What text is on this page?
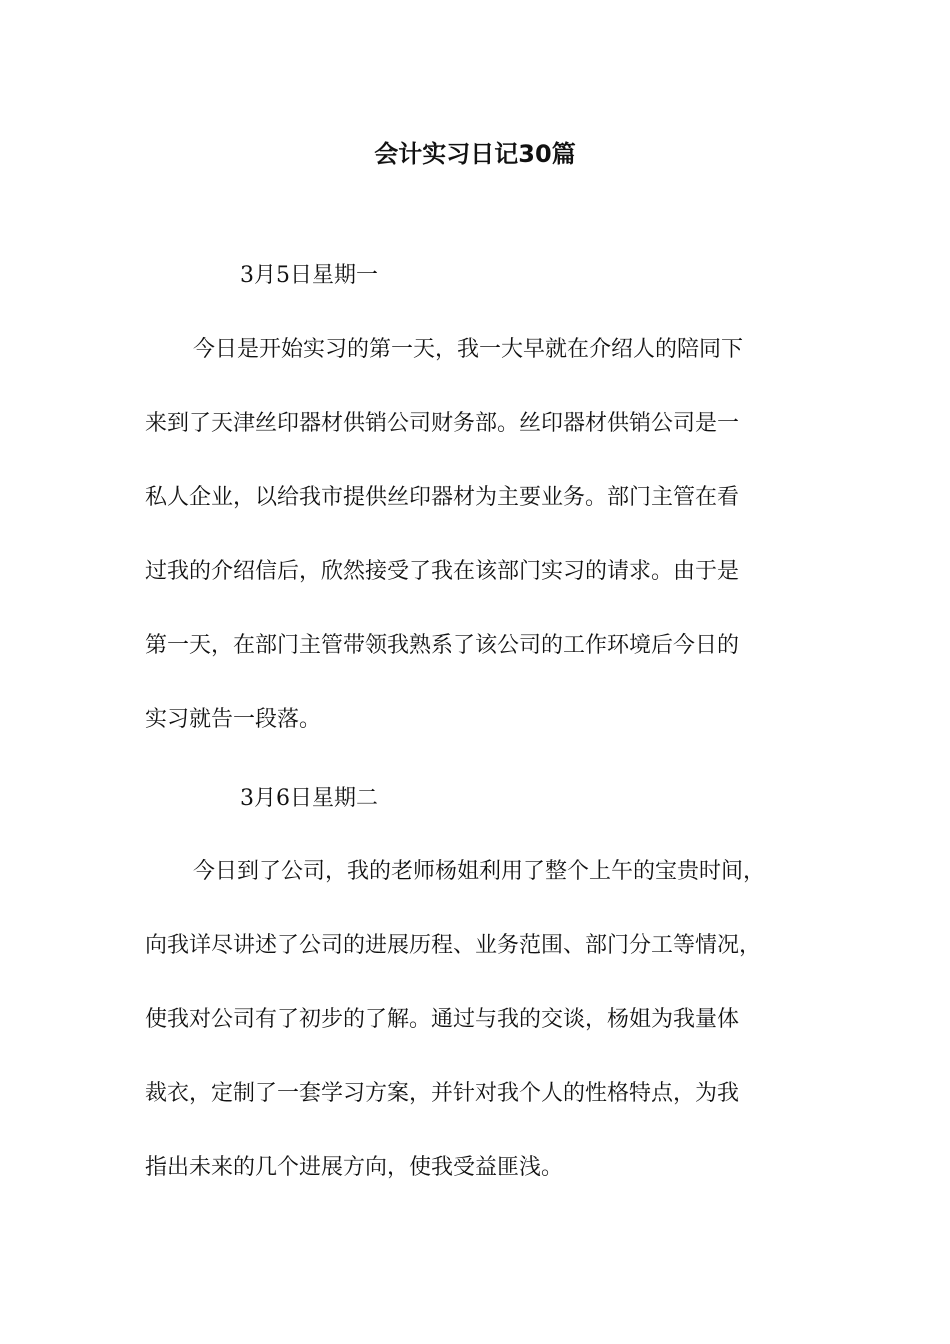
会计实习日记30篇

3月5日星期一

今日是开始实习的第一天，我一大早就在介绍人的陪同下
来到了天津丝印器材供销公司财务部。丝印器材供销公司是一
私人企业，以给我市提供丝印器材为主要业务。部门主管在看
过我的介绍信后，欣然接受了我在该部门实习的请求。由于是
第一天，在部门主管带领我熟系了该公司的工作环境后今日的
实习就告一段落。

3月6日星期二

今日到了公司，我的老师杨姐利用了整个上午的宝贵时间，
向我详尽讲述了公司的进展历程、业务范围、部门分工等情况，
使我对公司有了初步的了解。通过与我的交谈，杨姐为我量体
裁衣，定制了一套学习方案，并针对我个人的性格特点，为我
指出未来的几个进展方向，使我受益匪浅。
